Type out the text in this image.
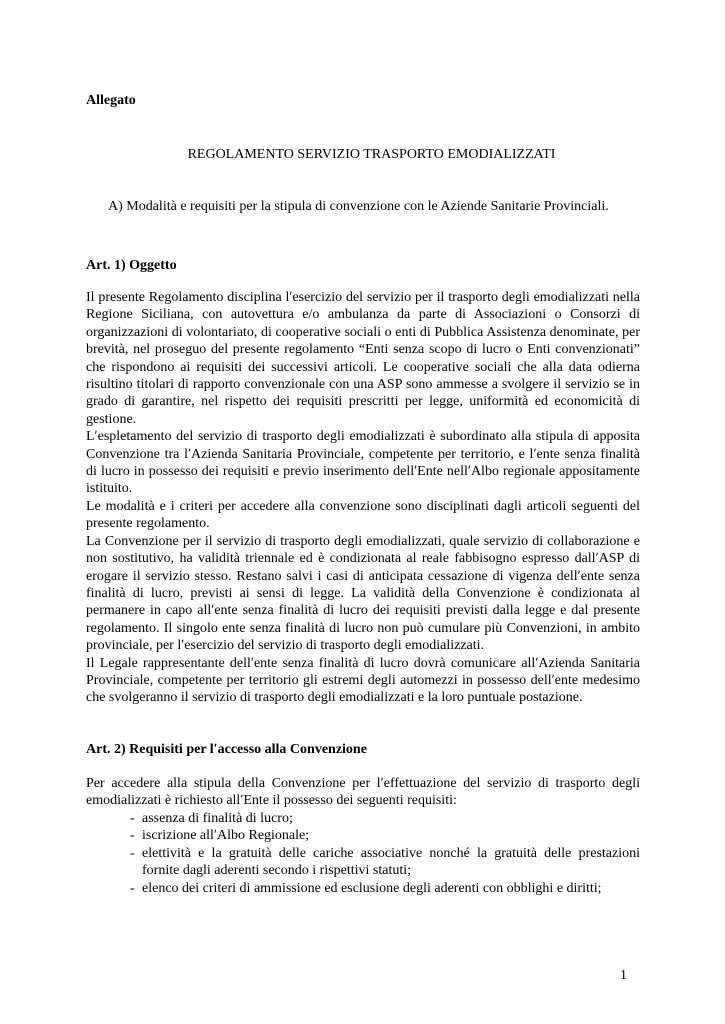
Allegato
REGOLAMENTO SERVIZIO TRASPORTO EMODIALIZZATI
A) Modalità e requisiti per la stipula di convenzione con le Aziende Sanitarie Provinciali.
Art. 1) Oggetto

Il presente Regolamento disciplina lʹesercizio del servizio per il trasporto degli emodializzati nella Regione Siciliana, con autovettura e/o ambulanza da parte di Associazioni o Consorzi di organizzazioni di volontariato, di cooperative sociali o enti di Pubblica Assistenza denominate, per brevità, nel proseguo del presente regolamento “Enti senza scopo di lucro o Enti convenzionati” che rispondono ai requisiti dei successivi articoli. Le cooperative sociali che alla data odierna risultino titolari di rapporto convenzionale con una ASP sono ammesse a svolgere il servizio se in grado di garantire, nel rispetto dei requisiti prescritti per legge, uniformità ed economicità di gestione.

Lʹespletamento del servizio di trasporto degli emodializzati è subordinato alla stipula di apposita Convenzione tra lʹAzienda Sanitaria Provinciale, competente per territorio, e lʹente senza finalità di lucro in possesso dei requisiti e previo inserimento dellʹEnte nellʹAlbo regionale appositamente istituito.

Le modalità e i criteri per accedere alla convenzione sono disciplinati dagli articoli seguenti del presente regolamento.

La Convenzione per il servizio di trasporto degli emodializzati, quale servizio di collaborazione e non sostitutivo, ha validità triennale ed è condizionata al reale fabbisogno espresso dallʹASP di erogare il servizio stesso. Restano salvi i casi di anticipata cessazione di vigenza dellʹente senza finalità di lucro, previsti ai sensi di legge. La validità della Convenzione è condizionata al permanere in capo allʹente senza finalità di lucro dei requisiti previsti dalla legge e dal presente regolamento. Il singolo ente senza finalità di lucro non può cumulare più Convenzioni, in ambito provinciale, per lʹesercizio del servizio di trasporto degli emodializzati.

Il Legale rappresentante dellʹente senza finalità di lucro dovrà comunicare allʹAzienda Sanitaria Provinciale, competente per territorio gli estremi degli automezzi in possesso dellʹente medesimo che svolgeranno il servizio di trasporto degli emodializzati e la loro puntuale postazione.

Art. 2) Requisiti per lʹaccesso alla Convenzione
Per accedere alla stipula della Convenzione per lʹeffettuazione del servizio di trasporto degli emodializzati è richiesto allʹEnte il possesso dei seguenti requisiti:
- assenza di finalità di lucro;
- iscrizione allʹAlbo Regionale;
- elettività e la gratuità delle cariche associative nonché la gratuità delle prestazioni fornite dagli aderenti secondo i rispettivi statuti;
- elenco dei criteri di ammissione ed esclusione degli aderenti con obblighi e diritti;
1
